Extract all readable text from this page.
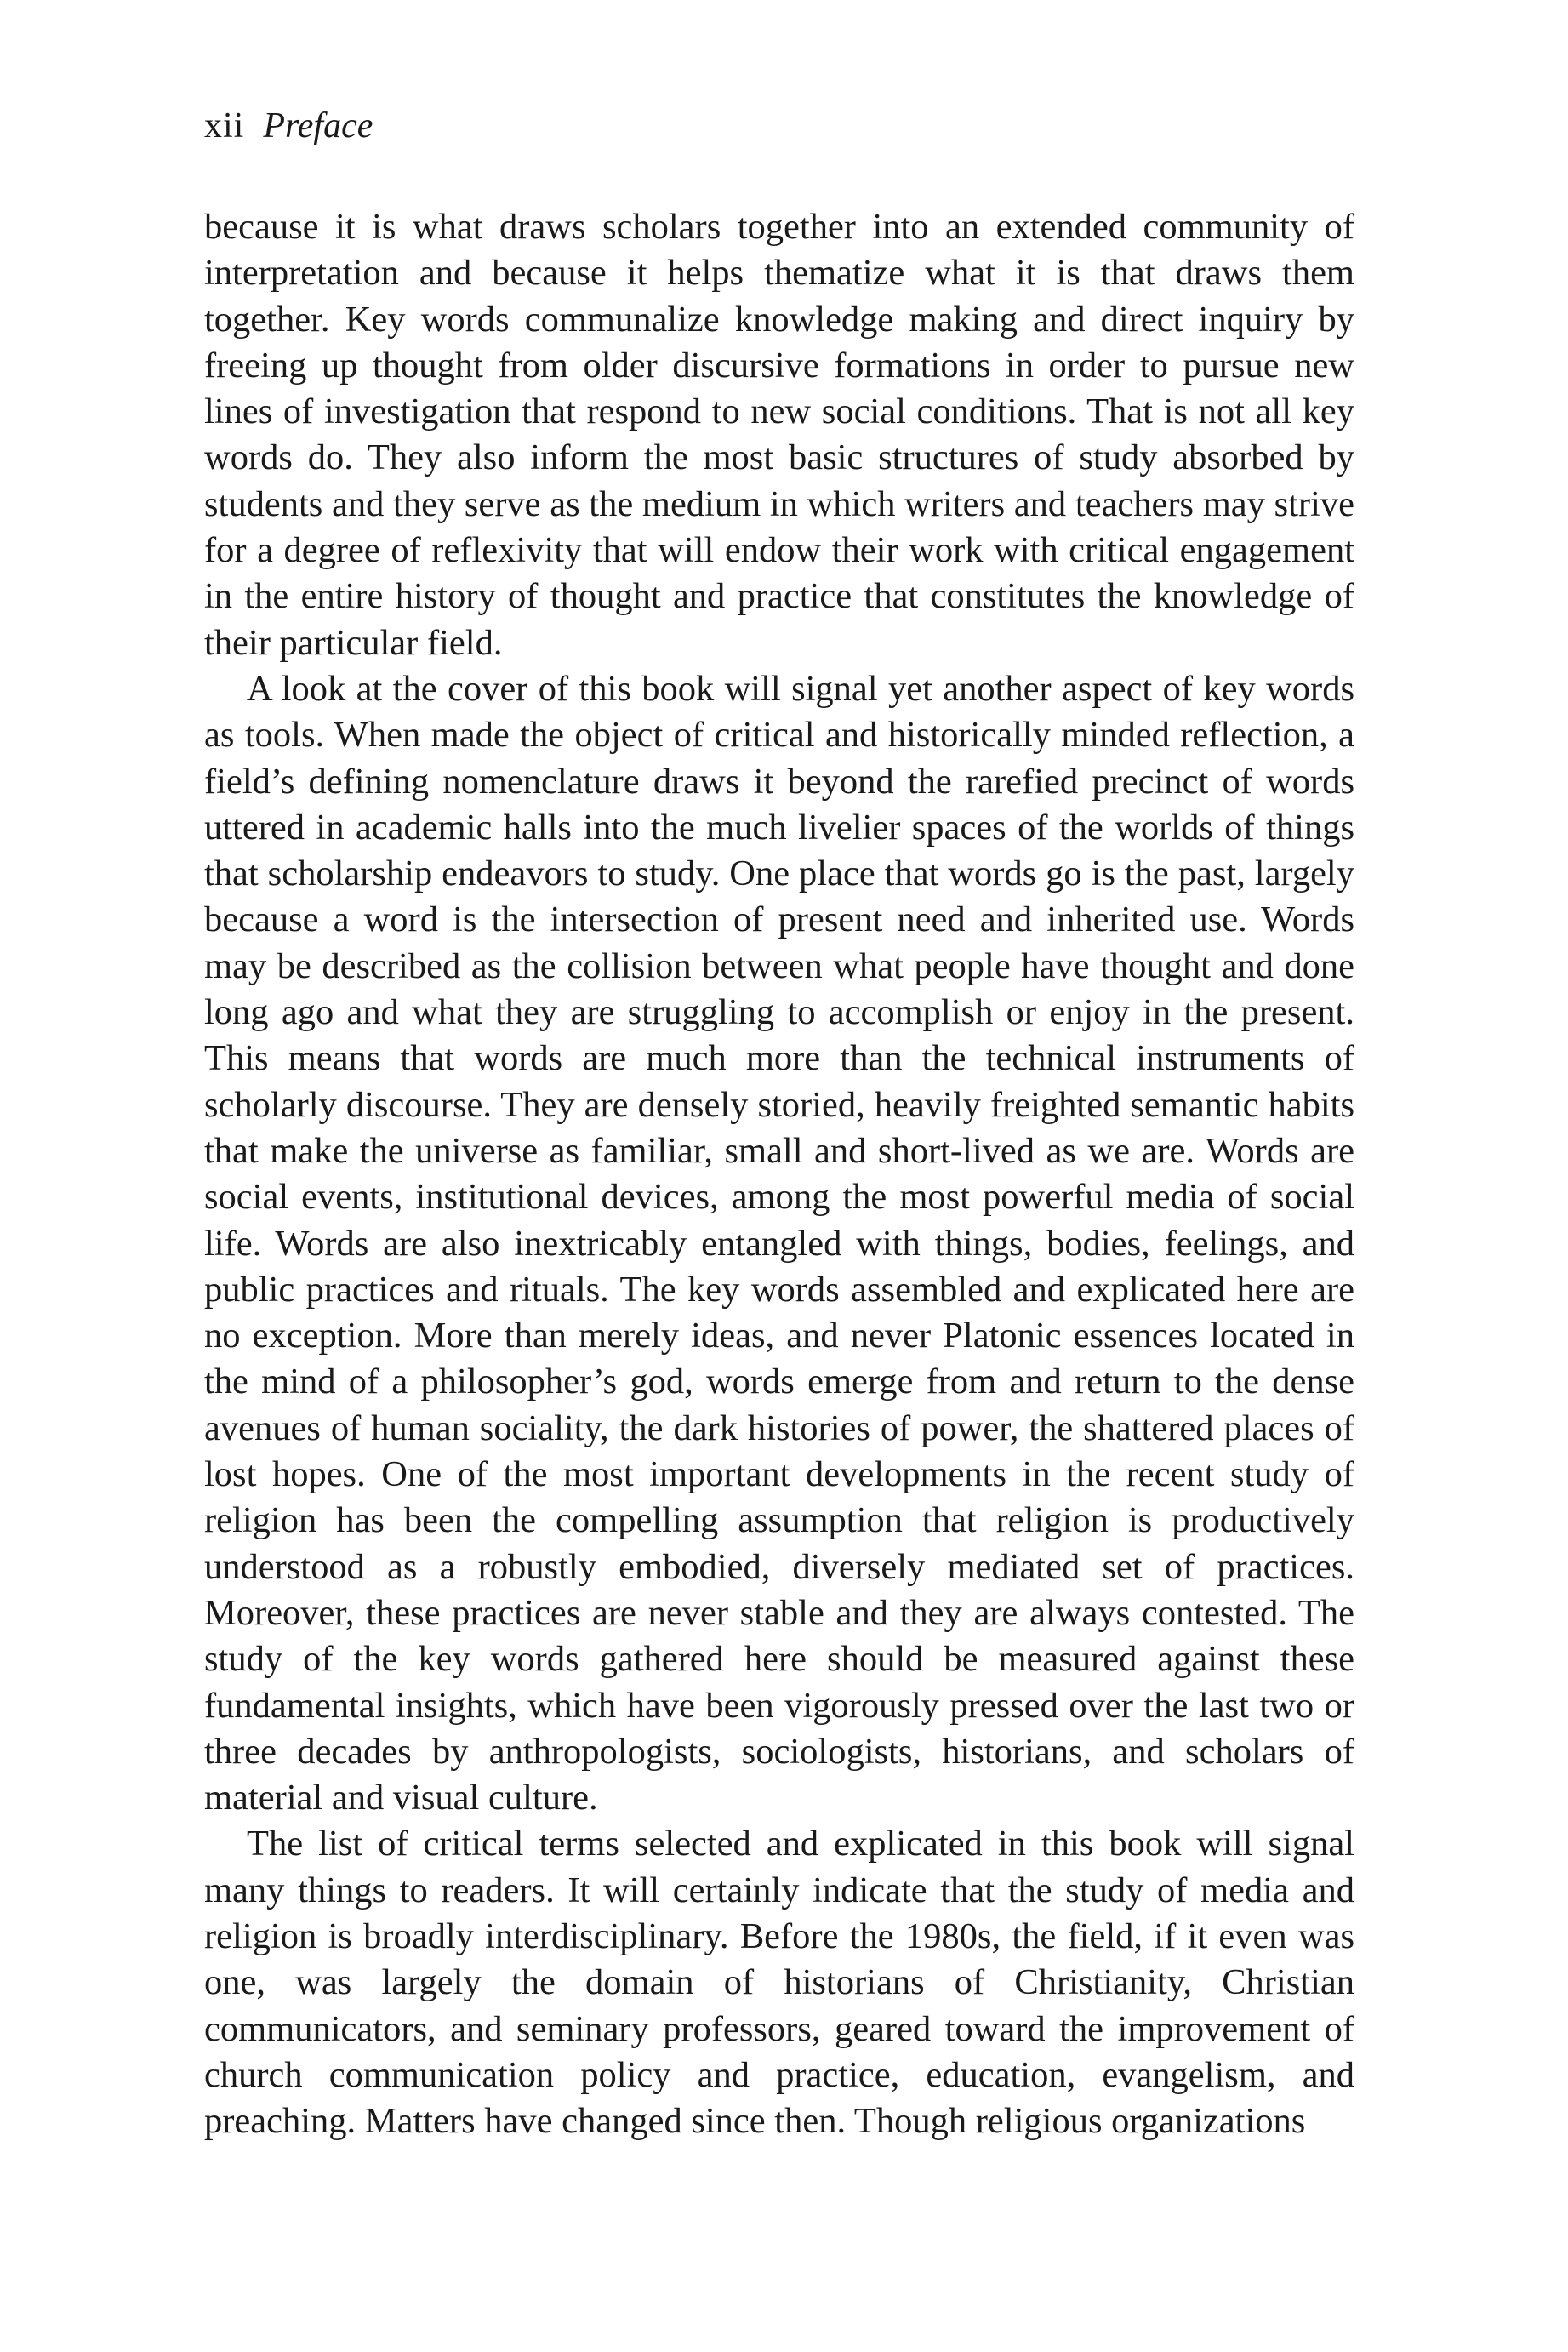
xii Preface

because it is what draws scholars together into an extended community of interpretation and because it helps thematize what it is that draws them together. Key words communalize knowledge making and direct inquiry by freeing up thought from older discursive formations in order to pursue new lines of investigation that respond to new social conditions. That is not all key words do. They also inform the most basic structures of study absorbed by students and they serve as the medium in which writers and teachers may strive for a degree of reflexivity that will endow their work with critical engagement in the entire history of thought and practice that constitutes the knowledge of their particular field.

A look at the cover of this book will signal yet another aspect of key words as tools. When made the object of critical and historically minded reflection, a field’s defining nomenclature draws it beyond the rarefied precinct of words uttered in academic halls into the much livelier spaces of the worlds of things that scholarship endeavors to study. One place that words go is the past, largely because a word is the intersection of present need and inherited use. Words may be described as the collision between what people have thought and done long ago and what they are struggling to accomplish or enjoy in the present. This means that words are much more than the technical instruments of scholarly discourse. They are densely storied, heavily freighted semantic habits that make the universe as familiar, small and short-lived as we are. Words are social events, institutional devices, among the most powerful media of social life. Words are also inextricably entangled with things, bodies, feelings, and public practices and rituals. The key words assembled and explicated here are no exception. More than merely ideas, and never Platonic essences located in the mind of a philosopher’s god, words emerge from and return to the dense avenues of human sociality, the dark histories of power, the shattered places of lost hopes. One of the most important developments in the recent study of religion has been the compelling assumption that religion is productively understood as a robustly embodied, diversely mediated set of practices. Moreover, these practices are never stable and they are always contested. The study of the key words gathered here should be measured against these fundamental insights, which have been vigorously pressed over the last two or three decades by anthropologists, sociologists, historians, and scholars of material and visual culture.

The list of critical terms selected and explicated in this book will signal many things to readers. It will certainly indicate that the study of media and religion is broadly interdisciplinary. Before the 1980s, the field, if it even was one, was largely the domain of historians of Christianity, Christian communicators, and seminary professors, geared toward the improvement of church communication policy and practice, education, evangelism, and preaching. Matters have changed since then. Though religious organizations
